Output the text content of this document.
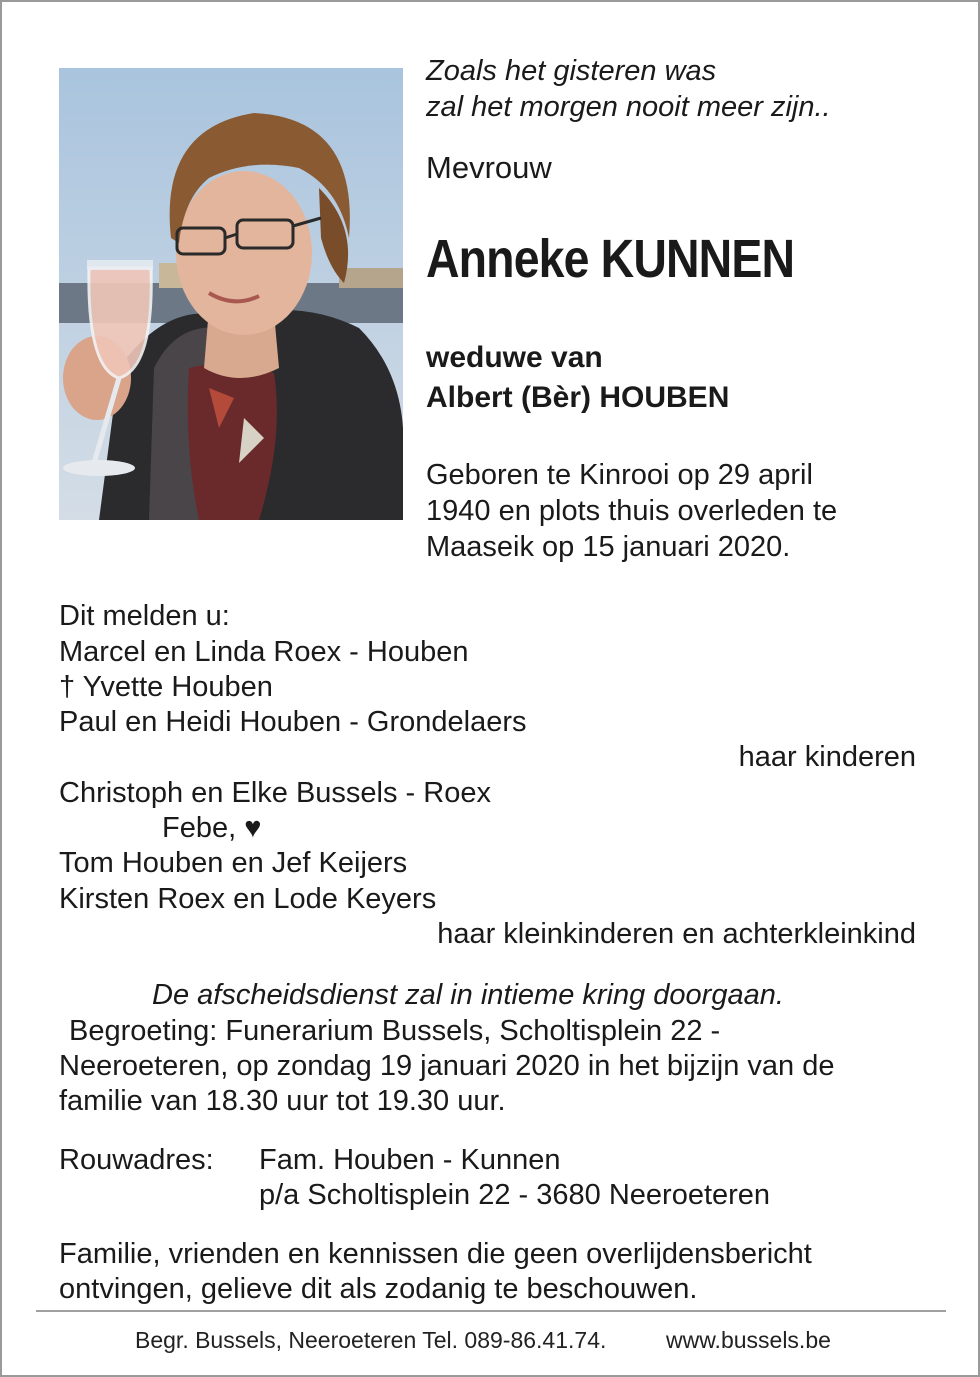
Zoals het gisteren was
zal het morgen nooit meer zijn..
Mevrouw
Anneke KUNNEN
weduwe van
Albert (Bèr) HOUBEN
Geboren te Kinrooi op 29 april
1940 en plots thuis overleden te
Maaseik op 15 januari 2020.
Dit melden u:
Marcel en Linda Roex - Houben
† Yvette Houben
Paul en Heidi Houben - Grondelaers
haar kinderen
Christoph en Elke Bussels - Roex
Febe, ♥
Tom Houben en Jef Keijers
Kirsten Roex en Lode Keyers
haar kleinkinderen en achterkleinkind
De afscheidsdienst zal in intieme kring doorgaan.
Begroeting: Funerarium Bussels, Scholtisplein 22 -
Neeroeteren, op zondag 19 januari 2020 in het bijzijn van de
familie van 18.30 uur tot 19.30 uur.
Rouwadres: Fam. Houben - Kunnen
p/a Scholtisplein 22 - 3680 Neeroeteren
Familie, vrienden en kennissen die geen overlijdensbericht
ontvingen, gelieve dit als zodanig te beschouwen.
Begr. Bussels, Neeroeteren Tel. 089-86.41.74.	www.bussels.be
